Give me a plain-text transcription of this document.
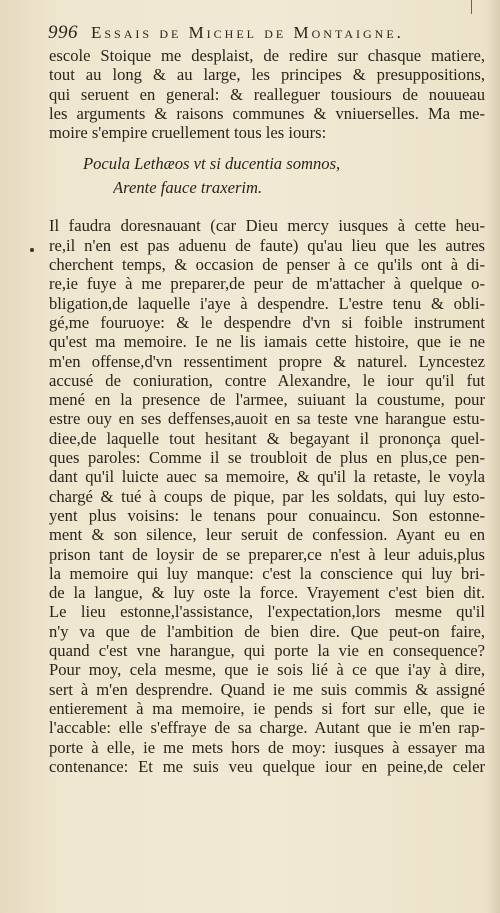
996 Essais de Michel de Montaigne.
escole Stoique me desplaist, de redire sur chasque matiere,
tout au long & au large, les principes & presuppositions,
qui seruent en general: & realleguer tousiours de nouueau
les arguments & raisons communes & vniuerselles. Ma me-
moire s'empire cruellement tous les iours:
Pocula Lethæos vt si ducentia somnos,
Arente fauce traxerim.
Il faudra doresnauant (car Dieu mercy iusques à cette heu-
re,il n'en est pas aduenu de faute) qu'au lieu que les autres
cherchent temps, & occasion de penser à ce qu'ils ont à di-
re,ie fuye à me preparer,de peur de m'attacher à quelque o-
bligation,de laquelle i'aye à despendre. L'estre tenu & obli-
gé,me fouruoye: & le despendre d'vn si foible instrument
qu'est ma memoire. Ie ne lis iamais cette histoire, que ie ne
m'en offense,d'vn ressentiment propre & naturel. Lyncestez
accusé de coniuration, contre Alexandre, le iour qu'il fut
mené en la presence de l'armee, suiuant la coustume, pour
estre ouy en ses deffenses,auoit en sa teste vne harangue estu-
diee,de laquelle tout hesitant & begayant il prononça quel-
ques paroles: Comme il se troubloit de plus en plus,ce pen-
dant qu'il luicte auec sa memoire, & qu'il la retaste, le voyla
chargé & tué à coups de pique, par les soldats, qui luy esto-
yent plus voisins: le tenans pour conuaincu. Son estonne-
ment & son silence, leur seruit de confession. Ayant eu en
prison tant de loysir de se preparer,ce n'est à leur aduis,plus
la memoire qui luy manque: c'est la conscience qui luy bri-
de la langue, & luy oste la force. Vrayement c'est bien dit.
Le lieu estonne,l'assistance, l'expectation,lors mesme qu'il
n'y va que de l'ambition de bien dire. Que peut-on faire,
quand c'est vne harangue, qui porte la vie en consequence?
Pour moy, cela mesme, que ie sois lié à ce que i'ay à dire,
sert à m'en desprendre. Quand ie me suis commis & assigné
entierement à ma memoire, ie pends si fort sur elle, que ie
l'accable: elle s'effraye de sa charge. Autant que ie m'en rap-
porte à elle, ie me mets hors de moy: iusques à essayer ma
contenance: Et me suis veu quelque iour en peine,de celer
